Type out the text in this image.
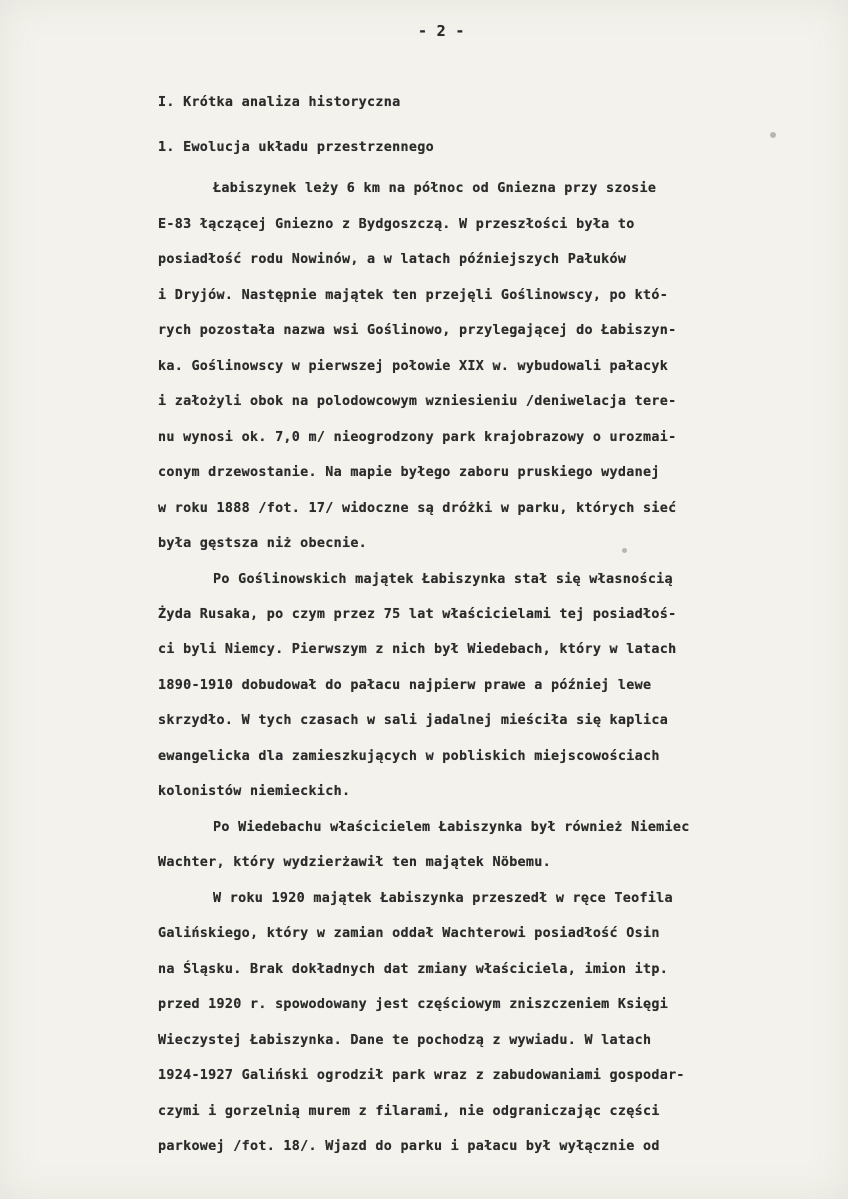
- 2 -
I. Krótka analiza historyczna
1. Ewolucja układu przestrzennego
Łabiszynek leży 6 km na północ od Gniezna przy szosie
E-83 łączącej Gniezno z Bydgoszczą. W przeszłości była to
posiadłość rodu Nowinów, a w latach późniejszych Pałuków
i Dryjów. Następnie majątek ten przejęli Goślinowscy, po któ-
rych pozostała nazwa wsi Goślinowo, przylegającej do Łabiszyn-
ka. Goślinowscy w pierwszej połowie XIX w. wybudowali pałacyk
i założyli obok na polodowcowym wzniesieniu /deniwelacja tere-
nu wynosi ok. 7,0 m/ nieogrodzony park krajobrazowy o urozmai-
conym drzewostanie. Na mapie byłego zaboru pruskiego wydanej
w roku 1888 /fot. 17/ widoczne są dróżki w parku, których sieć
była gęstsza niż obecnie.
Po Goślinowskich majątek Łabiszynka stał się własnością
Żyda Rusaka, po czym przez 75 lat właścicielami tej posiadłoś-
ci byli Niemcy. Pierwszym z nich był Wiedebach, który w latach
1890-1910 dobudował do pałacu najpierw prawe a później lewe
skrzydło. W tych czasach w sali jadalnej mieściła się kaplica
ewangelicka dla zamieszkujących w pobliskich miejscowościach
kolonistów niemieckich.
Po Wiedebachu właścicielem Łabiszynka był również Niemiec
Wachter, który wydzierżawił ten majątek Nöbemu.
W roku 1920 majątek Łabiszynka przeszedł w ręce Teofila
Galińskiego, który w zamian oddał Wachterowi posiadłość Osin
na Śląsku. Brak dokładnych dat zmiany właściciela, imion itp.
przed 1920 r. spowodowany jest częściowym zniszczeniem Księgi
Wieczystej Łabiszynka. Dane te pochodzą z wywiadu. W latach
1924-1927 Galiński ogrodził park wraz z zabudowaniami gospodar-
czymi i gorzelnią murem z filarami, nie odgraniczając części
parkowej /fot. 18/. Wjazd do parku i pałacu był wyłącznie od
